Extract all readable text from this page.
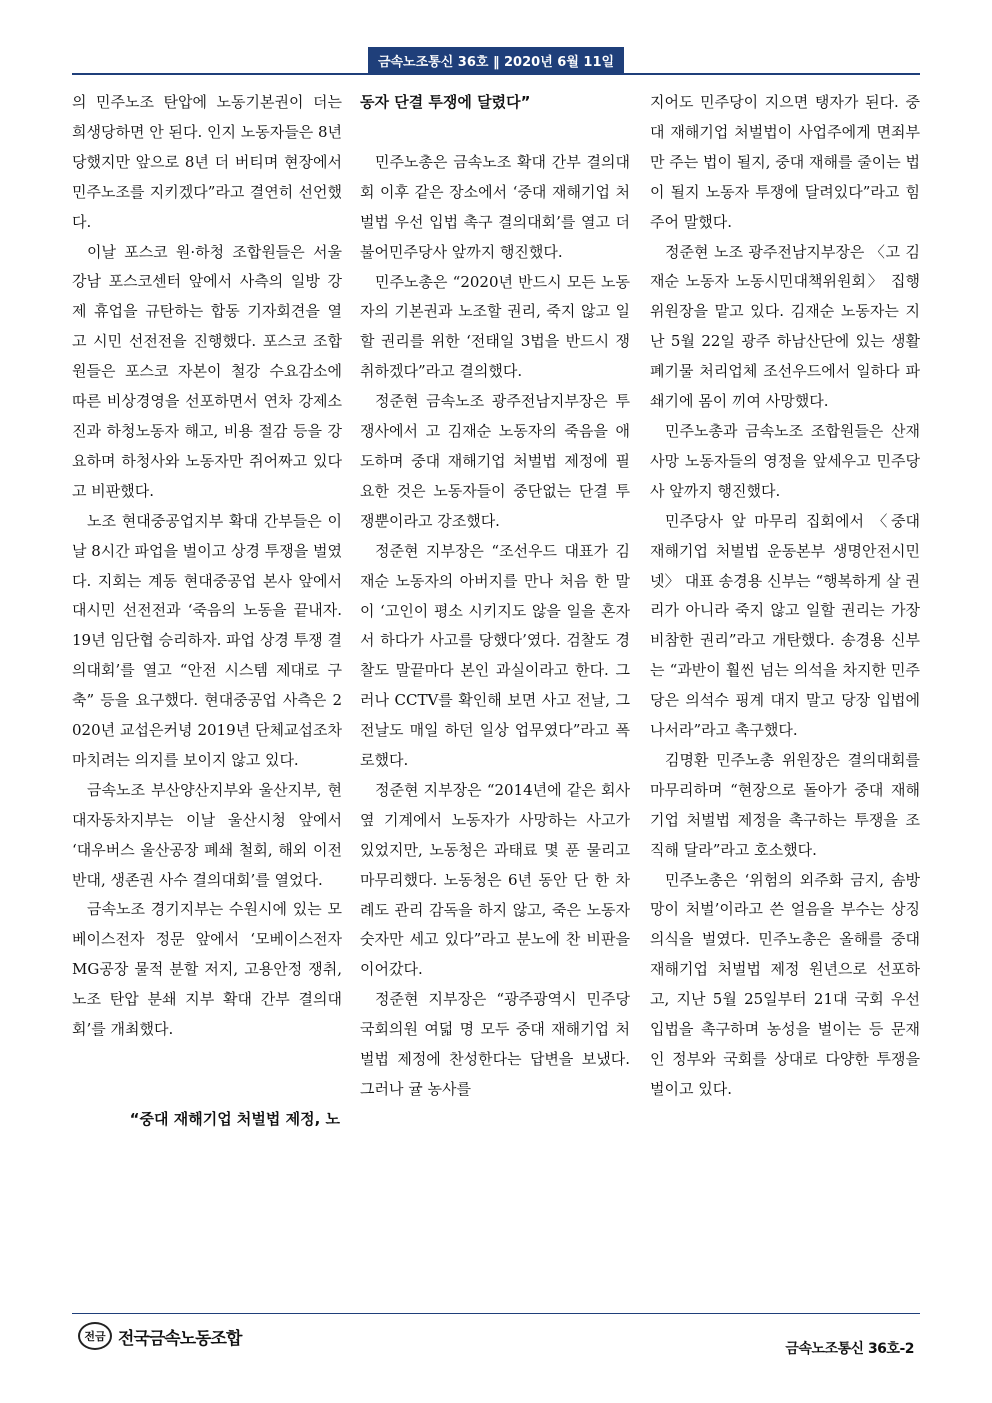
금속노조통신 36호 ‖ 2020년 6월 11일

의 민주노조 탄압에 노동기본권이 더는 희생당하면 안 된다. 인지 노동자들은 8년 당했지만 앞으로 8년 더 버티며 현장에서 민주노조를 지키겠다”라고 결연히 선언했다.

이날 포스코 원·하청 조합원들은 서울 강남 포스코센터 앞에서 사측의 일방 강제 휴업을 규탄하는 합동 기자회견을 열고 시민 선전전을 진행했다. 포스코 조합원들은 포스코 자본이 철강 수요감소에 따른 비상경영을 선포하면서 연차 강제소진과 하청노동자 해고, 비용 절감 등을 강요하며 하청사와 노동자만 쥐어짜고 있다고 비판했다.

노조 현대중공업지부 확대 간부들은 이날 8시간 파업을 벌이고 상경 투쟁을 벌였다. 지회는 계동 현대중공업 본사 앞에서 대시민 선전전과 ‘죽음의 노동을 끝내자. 19년 임단협 승리하자. 파업 상경 투쟁 결의대회’를 열고 “안전 시스템 제대로 구축” 등을 요구했다. 현대중공업 사측은 2020년 교섭은커녕 2019년 단체교섭조차 마치려는 의지를 보이지 않고 있다.

금속노조 부산양산지부와 울산지부, 현대자동차지부는 이날 울산시청 앞에서 ‘대우버스 울산공장 폐쇄 철회, 해외 이전 반대, 생존권 사수 결의대회’를 열었다.

금속노조 경기지부는 수원시에 있는 모베이스전자 정문 앞에서 ‘모베이스전자 MG공장 물적 분할 저지, 고용안정 쟁취, 노조 탄압 분쇄 지부 확대 간부 결의대회’를 개최했다.

“중대 재해기업 처벌법 제정, 노
동자 단결 투쟁에 달렸다”

민주노총은 금속노조 확대 간부 결의대회 이후 같은 장소에서 ‘중대 재해기업 처벌법 우선 입법 촉구 결의대회’를 열고 더불어민주당사 앞까지 행진했다.

민주노총은 “2020년 반드시 모든 노동자의 기본권과 노조할 권리, 죽지 않고 일할 권리를 위한 ‘전태일 3법을 반드시 쟁취하겠다”라고 결의했다.

정준현 금속노조 광주전남지부장은 투쟁사에서 고 김재순 노동자의 죽음을 애도하며 중대 재해기업 처벌법 제정에 필요한 것은 노동자들이 중단없는 단결 투쟁뿐이라고 강조했다.

정준현 지부장은 “조선우드 대표가 김재순 노동자의 아버지를 만나 처음 한 말이 ‘고인이 평소 시키지도 않을 일을 혼자서 하다가 사고를 당했다’였다. 검찰도 경찰도 말끝마다 본인 과실이라고 한다. 그러나 CCTV를 확인해 보면 사고 전날, 그 전날도 매일 하던 일상 업무였다”라고 폭로했다.

정준현 지부장은 “2014년에 같은 회사 옆 기계에서 노동자가 사망하는 사고가 있었지만, 노동청은 과태료 몇 푼 물리고 마무리했다. 노동청은 6년 동안 단 한 차례도 관리 감독을 하지 않고, 죽은 노동자 숫자만 세고 있다”라고 분노에 찬 비판을 이어갔다.

정준현 지부장은 “광주광역시 민주당 국회의원 여덟 명 모두 중대 재해기업 처벌법 제정에 찬성한다는 답변을 보냈다. 그러나 귤 농사를

지어도 민주당이 지으면 탱자가 된다. 중대 재해기업 처벌법이 사업주에게 면죄부만 주는 법이 될지, 중대 재해를 줄이는 법이 될지 노동자 투쟁에 달려있다”라고 힘주어 말했다.

정준현 노조 광주전남지부장은 〈고 김재순 노동자 노동시민대책위원회〉 집행위원장을 맡고 있다. 김재순 노동자는 지난 5월 22일 광주 하남산단에 있는 생활폐기물 처리업체 조선우드에서 일하다 파쇄기에 몸이 끼여 사망했다.

민주노총과 금속노조 조합원들은 산재 사망 노동자들의 영정을 앞세우고 민주당사 앞까지 행진했다.

민주당사 앞 마무리 집회에서 〈중대 재해기업 처벌법 운동본부 생명안전시민넷〉 대표 송경용 신부는 “행복하게 살 권리가 아니라 죽지 않고 일할 권리는 가장 비참한 권리”라고 개탄했다. 송경용 신부는 “과반이 훨씬 넘는 의석을 차지한 민주당은 의석수 핑계 대지 말고 당장 입법에 나서라”라고 촉구했다.

김명환 민주노총 위원장은 결의대회를 마무리하며 “현장으로 돌아가 중대 재해기업 처벌법 제정을 촉구하는 투쟁을 조직해 달라”라고 호소했다.

민주노총은 ‘위험의 외주화 금지, 솜방망이 처벌’이라고 쓴 얼음을 부수는 상징의식을 벌였다. 민주노총은 올해를 중대 재해기업 처벌법 제정 원년으로 선포하고, 지난 5월 25일부터 21대 국회 우선 입법을 촉구하며 농성을 벌이는 등 문재인 정부와 국회를 상대로 다양한 투쟁을 벌이고 있다.

전금 전국금속노동조합
금속노조통신 36호-2
